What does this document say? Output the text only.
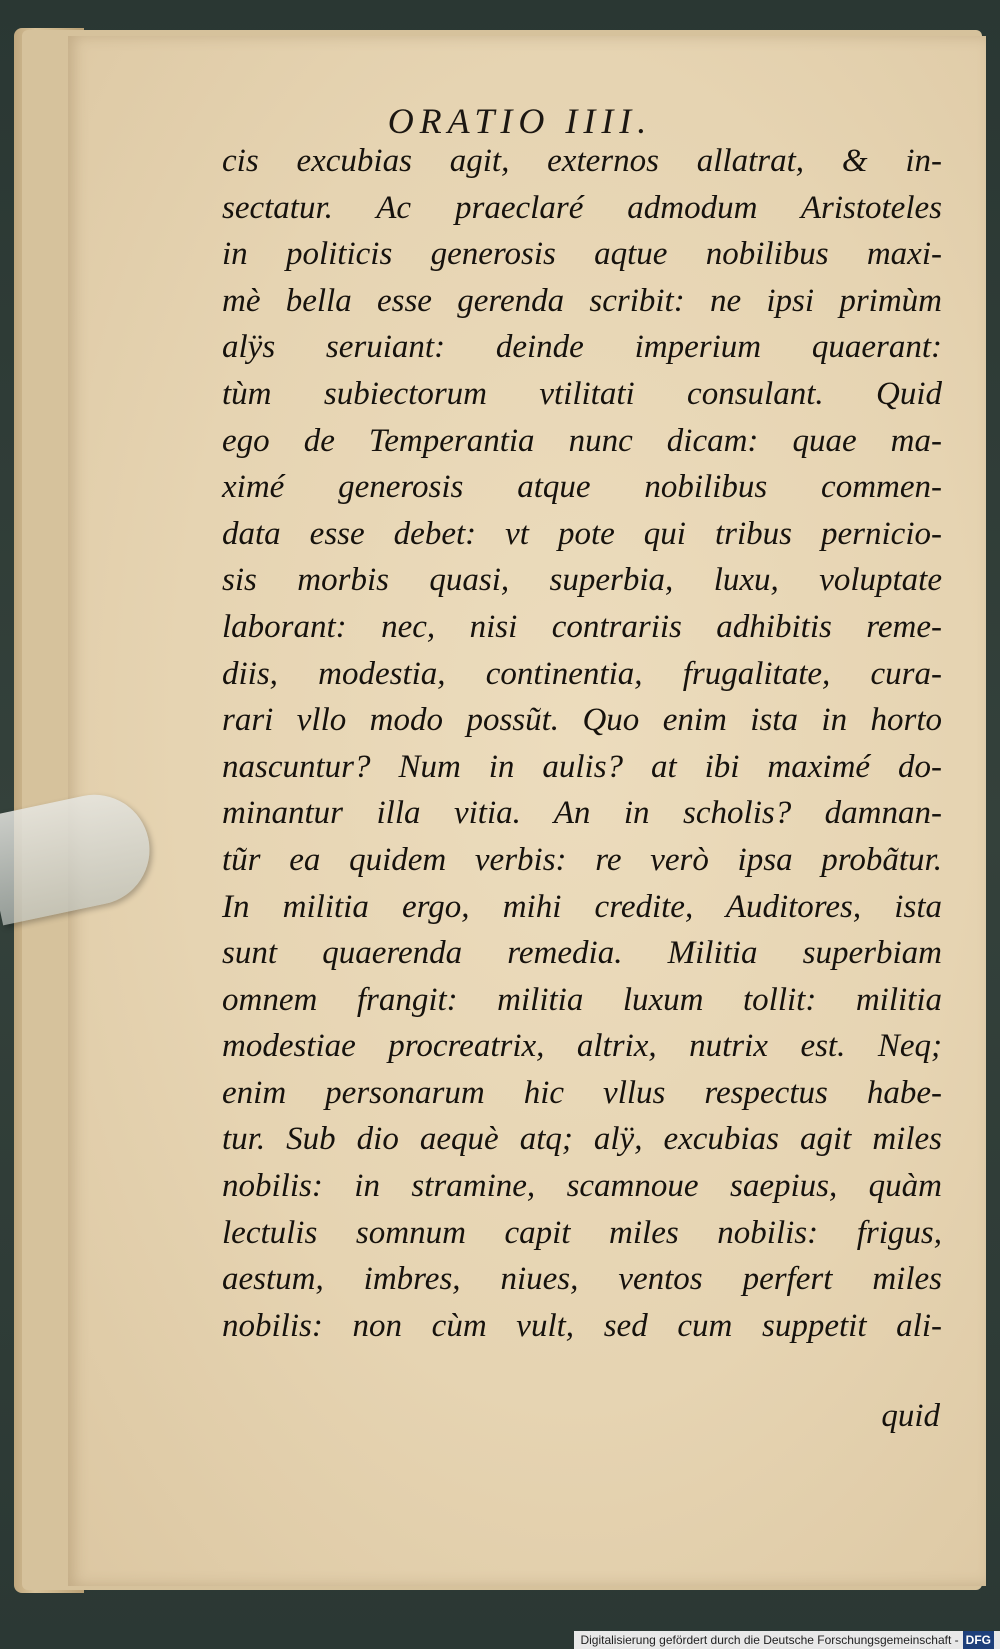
ORATIO IIII.
cis excubias agit, externos allatrat, & in-
sectatur. Ac praeclaré admodum Aristoteles
in politicis generosis aqtue nobilibus maxi-
mè bella esse gerenda scribit: ne ipsi primùm
alÿs seruiant: deinde imperium quaerant:
tùm subiectorum vtilitati consulant. Quid
ego de Temperantia nunc dicam: quae ma-
ximé generosis atque nobilibus commen-
data esse debet: vt pote qui tribus pernicio-
sis morbis quasi, superbia, luxu, voluptate
laborant: nec, nisi contrariis adhibitis reme-
diis, modestia, continentia, frugalitate, cura-
rari vllo modo possũt. Quo enim ista in horto
nascuntur? Num in aulis? at ibi maximé do-
minantur illa vitia. An in scholis? damnan-
tũr ea quidem verbis: re verò ipsa probãtur.
In militia ergo, mihi credite, Auditores, ista
sunt quaerenda remedia. Militia superbiam
omnem frangit: militia luxum tollit: militia
modestiae procreatrix, altrix, nutrix est. Neq;
enim personarum hic vllus respectus habe-
tur. Sub dio aequè atq; alÿ, excubias agit miles
nobilis: in stramine, scamnoue saepius, quàm
lectulis somnum capit miles nobilis: frigus,
aestum, imbres, niues, ventos perfert miles
nobilis: non cùm vult, sed cum suppetit ali-
quid
Digitalisierung gefördert durch die Deutsche Forschungsgemeinschaft - DFG
